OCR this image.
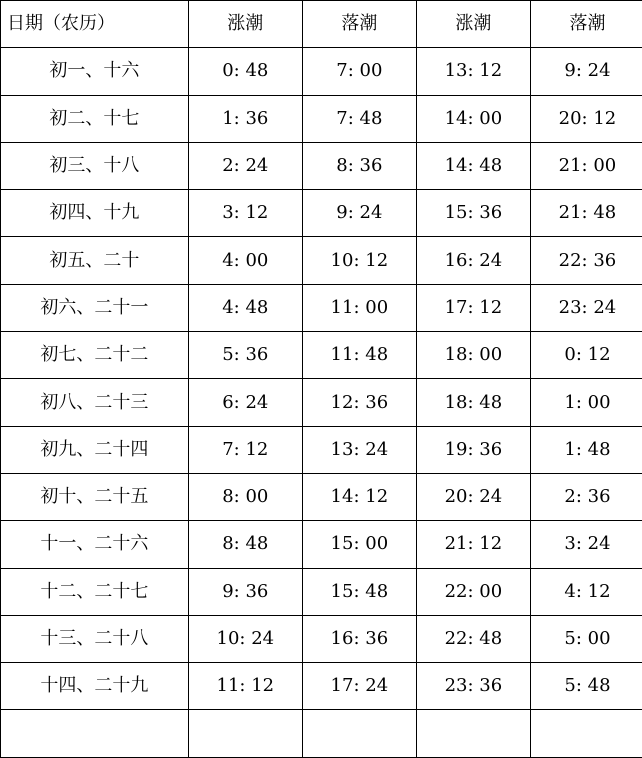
日期（农历）	涨潮	落潮	涨潮	落潮
初一、十六	0: 48	7: 00	13: 12	9: 24
初二、十七	1: 36	7: 48	14: 00	20: 12
初三、十八	2: 24	8: 36	14: 48	21: 00
初四、十九	3: 12	9: 24	15: 36	21: 48
初五、二十	4: 00	10: 12	16: 24	22: 36
初六、二十一	4: 48	11: 00	17: 12	23: 24
初七、二十二	5: 36	11: 48	18: 00	0: 12
初八、二十三	6: 24	12: 36	18: 48	1: 00
初九、二十四	7: 12	13: 24	19: 36	1: 48
初十、二十五	8: 00	14: 12	20: 24	2: 36
十一、二十六	8: 48	15: 00	21: 12	3: 24
十二、二十七	9: 36	15: 48	22: 00	4: 12
十三、二十八	10: 24	16: 36	22: 48	5: 00
十四、二十九	11: 12	17: 24	23: 36	5: 48
